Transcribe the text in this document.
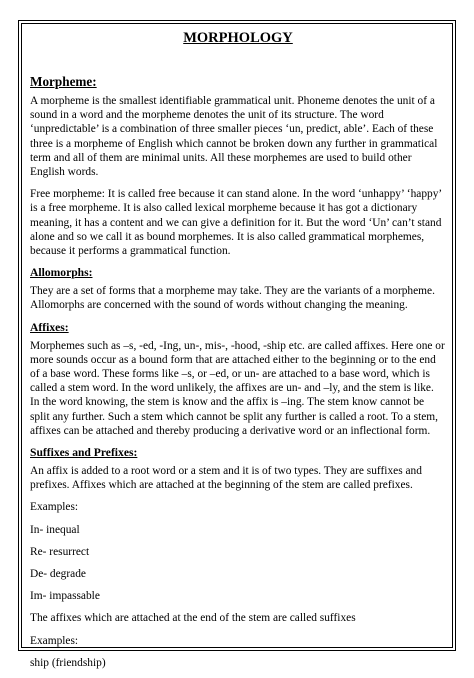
MORPHOLOGY
Morpheme:

A morpheme is the smallest identifiable grammatical unit. Phoneme denotes the unit of a sound in a word and the morpheme denotes the unit of its structure. The word ‘unpredictable’ is a combination of three smaller pieces ‘un, predict, able’. Each of these three is a morpheme of English which cannot be broken down any further in grammatical term and all of them are minimal units. All these morphemes are used to build other English words.

Free morpheme: It is called free because it can stand alone. In the word ‘unhappy’ ‘happy’ is a free morpheme. It is also called lexical morpheme because it has got a dictionary meaning, it has a content and we can give a definition for it. But the word ‘Un’ can’t stand alone and so we call it as bound morphemes. It is also called grammatical morphemes, because it performs a grammatical function.

Allomorphs:

They are a set of forms that a morpheme may take. They are the variants of a morpheme. Allomorphs are concerned with the sound of words without changing the meaning.

Affixes:

Morphemes such as –s, -ed, -Ing, un-, mis-, -hood, -ship etc. are called affixes. Here one or more sounds occur as a bound form that are attached either to the beginning or to the end of a base word. These forms like –s, or –ed, or un- are attached to a base word, which is called a stem word. In the word unlikely, the affixes are un- and –ly, and the stem is like. In the word knowing, the stem is know and the affix is –ing. The stem know cannot be split any further. Such a stem which cannot be split any further is called a root. To a stem, affixes can be attached and thereby producing a derivative word or an inflectional form.

Suffixes and Prefixes:

An affix is added to a root word or a stem and it is of two types. They are suffixes and prefixes. Affixes which are attached at the beginning of the stem are called prefixes.

Examples:

In- inequal

Re- resurrect

De- degrade

Im- impassable

The affixes which are attached at the end of the stem are called suffixes

Examples:

ship (friendship)
